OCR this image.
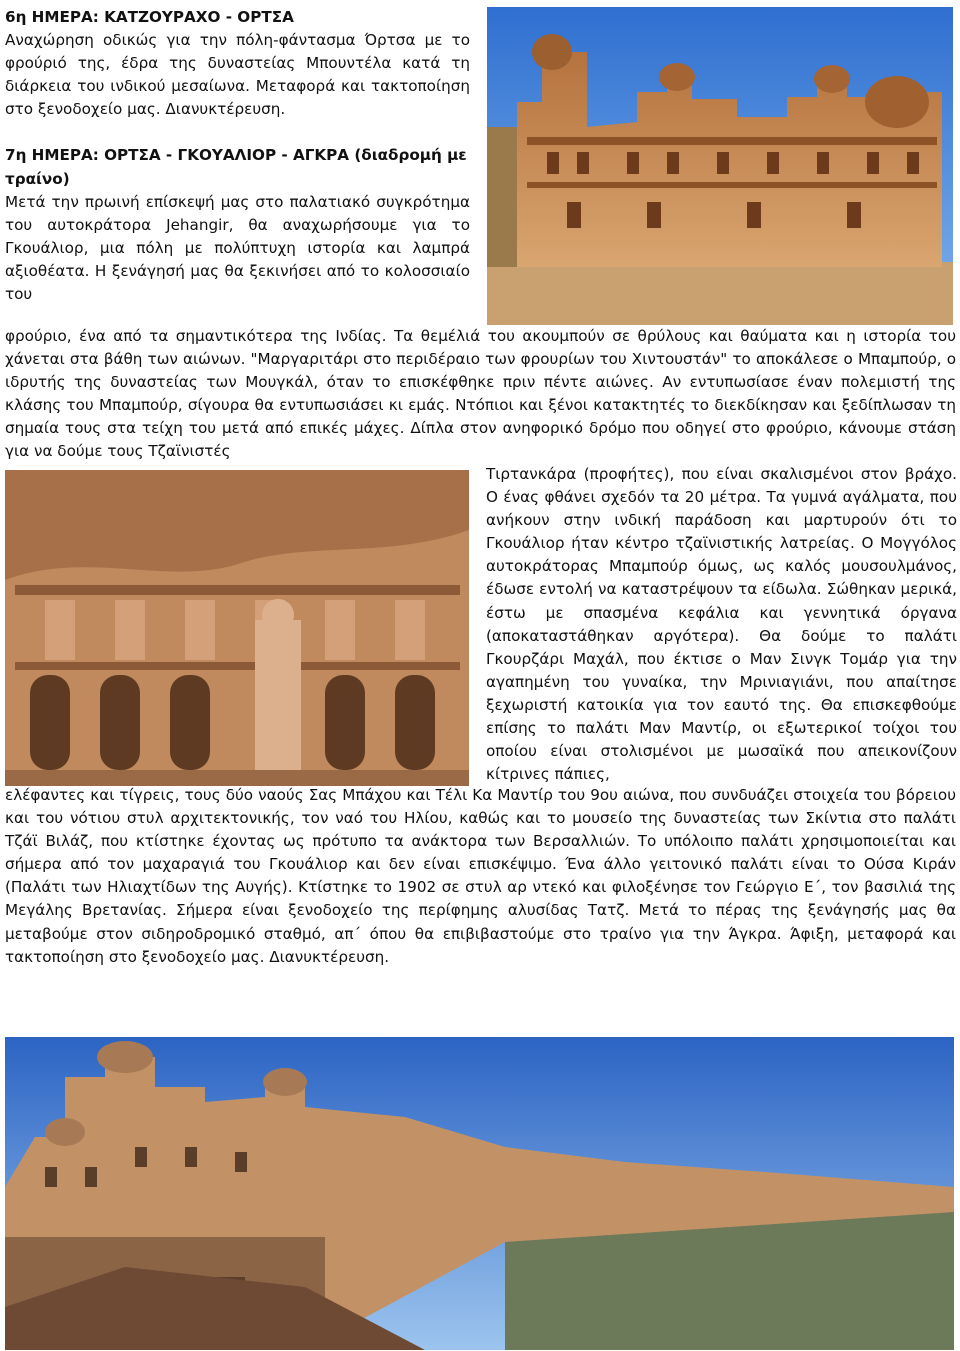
6η ΗΜΕΡΑ: ΚΑΤΖΟΥΡΑΧΟ - ΟΡΤΣΑ

Αναχώρηση οδικώς για την πόλη-φάντασμα Όρτσα με το φρούριό της, έδρα της δυναστείας Μπουντέλα κατά τη διάρκεια του ινδικού μεσαίωνα. Μεταφορά και τακτοποίηση στο ξενοδοχείο μας. Διανυκτέρευση.

7η ΗΜΕΡΑ: ΟΡΤΣΑ - ΓΚΟΥΑΛΙΟΡ - ΑΓΚΡΑ (διαδρομή με τραίνο)

Μετά την πρωινή επίσκεψή μας στο παλατιακό συγκρότημα του αυτοκράτορα Jehangir, θα αναχωρήσουμε για το Γκουάλιορ, μια πόλη με πολύπτυχη ιστορία και λαμπρά αξιοθέατα. Η ξενάγησή μας θα ξεκινήσει από το κολοσσιαίο του

φρούριο, ένα από τα σημαντικότερα της Ινδίας. Τα θεμέλιά του ακουμπούν σε θρύλους και θαύματα και η ιστορία του χάνεται στα βάθη των αιώνων. "Μαργαριτάρι στο περιδέραιο των φρουρίων του Χιντουστάν" το αποκάλεσε ο Μπαμπούρ, ο ιδρυτής της δυναστείας των Μουγκάλ, όταν το επισκέφθηκε πριν πέντε αιώνες. Αν εντυπωσίασε έναν πολεμιστή της κλάσης του Μπαμπούρ, σίγουρα θα εντυπωσιάσει κι εμάς. Ντόπιοι και ξένοι κατακτητές το διεκδίκησαν και ξεδίπλωσαν τη σημαία τους στα τείχη του μετά από επικές μάχες. Δίπλα στον ανηφορικό δρόμο που οδηγεί στο φρούριο, κάνουμε στάση για να δούμε τους Τζαϊνιστές

Τιρτανκάρα (προφήτες), που είναι σκαλισμένοι στον βράχο. Ο ένας φθάνει σχεδόν τα 20 μέτρα. Τα γυμνά αγάλματα, που ανήκουν στην ινδική παράδοση και μαρτυρούν ότι το Γκουάλιορ ήταν κέντρο τζαϊνιστικής λατρείας. Ο Μογγόλος αυτοκράτορας Μπαμπούρ όμως, ως καλός μουσουλμάνος, έδωσε εντολή να καταστρέψουν τα είδωλα. Σώθηκαν μερικά, έστω με σπασμένα κεφάλια και γεννητικά όργανα (αποκαταστάθηκαν αργότερα). Θα δούμε το παλάτι Γκουρζάρι Μαχάλ, που έκτισε ο Μαν Σινγκ Τομάρ για την αγαπημένη του γυναίκα, την Μρινιαγιάνι, που απαίτησε ξεχωριστή κατοικία για τον εαυτό της. Θα επισκεφθούμε επίσης το παλάτι Μαν Μαντίρ, οι εξωτερικοί τοίχοι του οποίου είναι στολισμένοι με μωσαϊκά που απεικονίζουν κίτρινες πάπιες,

ελέφαντες και τίγρεις, τους δύο ναούς Σας Μπάχου και Τέλι Κα Μαντίρ του 9ου αιώνα, που συνδυάζει στοιχεία του βόρειου και του νότιου στυλ αρχιτεκτονικής, τον ναό του Ηλίου, καθώς και το μουσείο της δυναστείας των Σκίντια στο παλάτι Τζάϊ Βιλάζ, που κτίστηκε έχοντας ως πρότυπο τα ανάκτορα των Βερσαλλιών. Το υπόλοιπο παλάτι χρησιμοποιείται και σήμερα από τον μαχαραγιά του Γκουάλιορ και δεν είναι επισκέψιμο. Ένα άλλο γειτονικό παλάτι είναι το Ούσα Κιράν (Παλάτι των Ηλιαχτίδων της Αυγής). Κτίστηκε το 1902 σε στυλ αρ ντεκό και φιλοξένησε τον Γεώργιο Ε΄, τον βασιλιά της Μεγάλης Βρετανίας. Σήμερα είναι ξενοδοχείο της περίφημης αλυσίδας Τατζ. Μετά το πέρας της ξενάγησής μας θα μεταβούμε στον σιδηροδρομικό σταθμό, απ΄ όπου θα επιβιβαστούμε στο τραίνο για την Άγκρα. Άφιξη, μεταφορά και τακτοποίηση στο ξενοδοχείο μας. Διανυκτέρευση.
